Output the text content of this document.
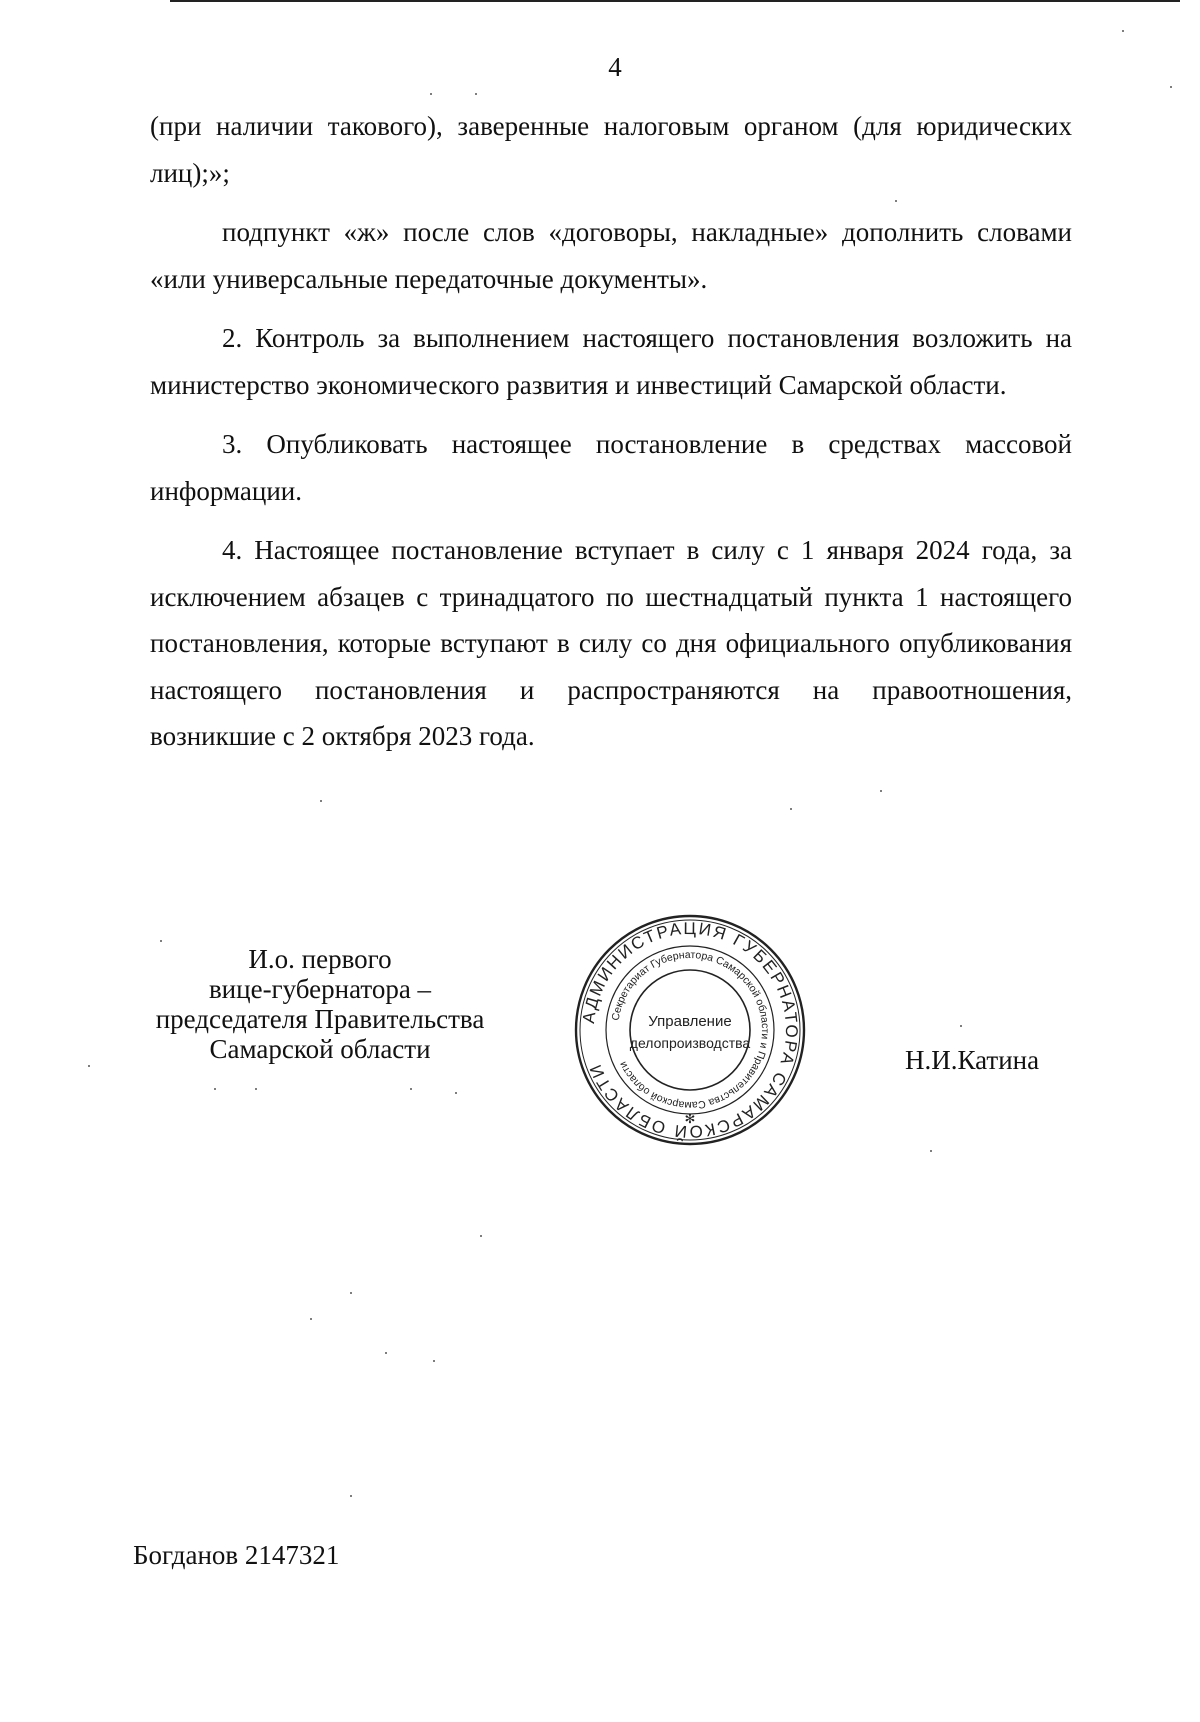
4

(при наличии такового), заверенные налоговым органом (для юридических лиц);»;

подпункт «ж» после слов «договоры, накладные» дополнить словами «или универсальные передаточные документы».

2. Контроль за выполнением настоящего постановления возложить на министерство экономического развития и инвестиций Самарской области.

3. Опубликовать настоящее постановление в средствах массовой информации.

4. Настоящее постановление вступает в силу с 1 января 2024 года, за исключением абзацев с тринадцатого по шестнадцатый пункта 1 настоящего постановления, которые вступают в силу со дня официального опубликования настоящего постановления и распространяются на правоотношения, возникшие с 2 октября 2023 года.

И.о. первого
вице-губернатора –
председателя Правительства
Самарской области
АДМИНИСТРАЦИЯ ГУБЕРНАТОРА САМАРСКОЙ ОБЛАСТИ
Секретариат Губернатора Самарской области и Правительства Самарской области
Управление
делопроизводства
✻
Н.И.Катина
Богданов 2147321
